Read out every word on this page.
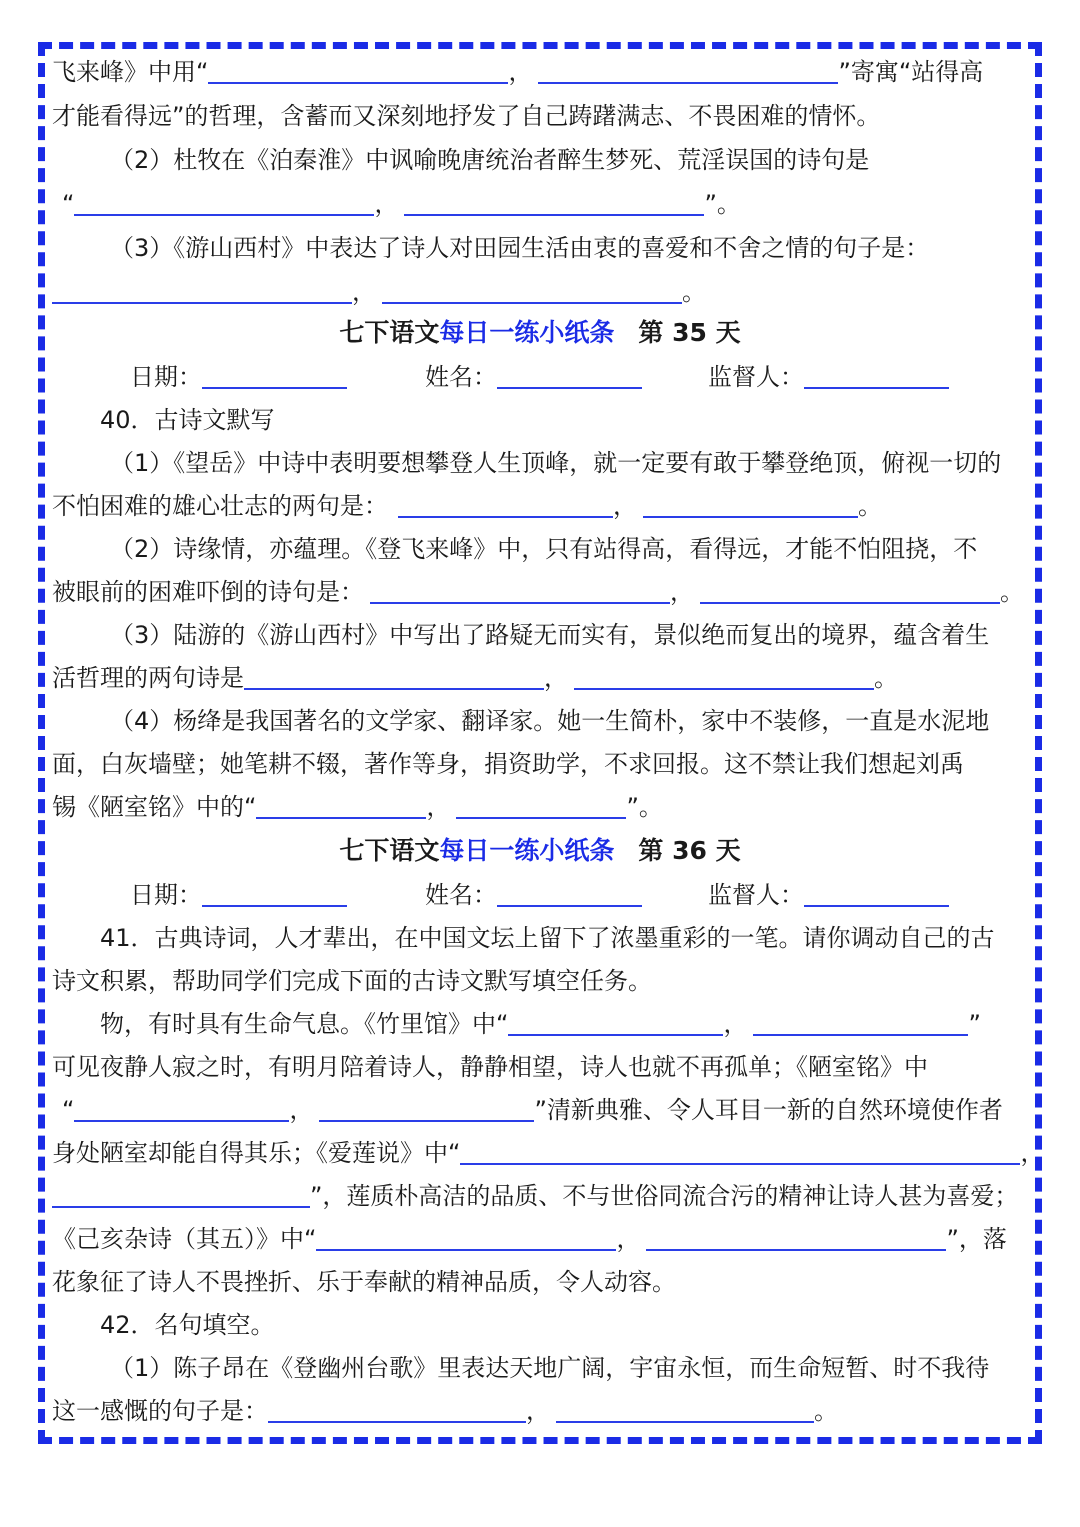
飞来峰》中用“	，	”寄寓“站得高
才能看得远”的哲理，含蓄而又深刻地抒发了自己踌躇满志、不畏困难的情怀。
（2）杜牧在《泊秦淮》中讽喻晚唐统治者醉生梦死、荒淫误国的诗句是
“	，	”。
（3）《游山西村》中表达了诗人对田园生活由衷的喜爱和不舍之情的句子是：
，	。
七下语文每日一练小纸条 第 35 天
日期：	姓名：	监督人：
40．古诗文默写
（1）《望岳》中诗中表明要想攀登人生顶峰，就一定要有敢于攀登绝顶，俯视一切的
不怕困难的雄心壮志的两句是：	，	。
（2）诗缘情，亦蕴理。《登飞来峰》中，只有站得高，看得远，才能不怕阻挠，不
被眼前的困难吓倒的诗句是：	，	。
（3）陆游的《游山西村》中写出了路疑无而实有，景似绝而复出的境界，蕴含着生
活哲理的两句诗是	，	。
（4）杨绛是我国著名的文学家、翻译家。她一生简朴，家中不装修，一直是水泥地
面，白灰墙壁；她笔耕不辍，著作等身，捐资助学，不求回报。这不禁让我们想起刘禹
锡《陋室铭》中的“	，	”。
七下语文每日一练小纸条 第 36 天
日期：	姓名：	监督人：
41．古典诗词，人才辈出，在中国文坛上留下了浓墨重彩的一笔。请你调动自己的古
诗文积累，帮助同学们完成下面的古诗文默写填空任务。
物，有时具有生命气息。《竹里馆》中“	，	”
可见夜静人寂之时，有明月陪着诗人，静静相望，诗人也就不再孤单；《陋室铭》中
“	，	”清新典雅、令人耳目一新的自然环境使作者
身处陋室却能自得其乐；《爱莲说》中“	，
”，莲质朴高洁的品质、不与世俗同流合污的精神让诗人甚为喜爱；
《己亥杂诗（其五）》中“	，	”，落
花象征了诗人不畏挫折、乐于奉献的精神品质，令人动容。
42．名句填空。
（1）陈子昂在《登幽州台歌》里表达天地广阔，宇宙永恒，而生命短暂、时不我待
这一感慨的句子是：	，	。
